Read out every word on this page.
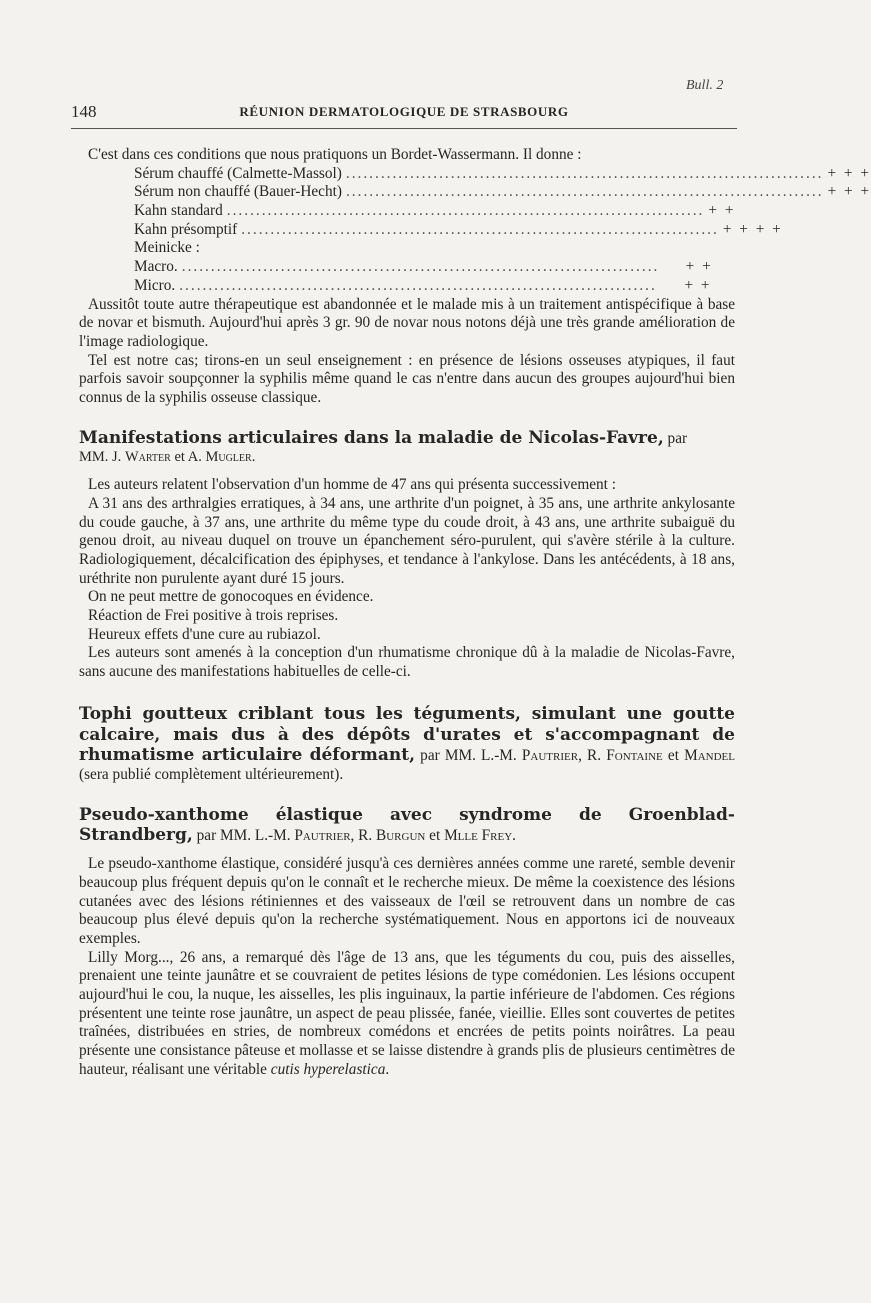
Bull. 2
148	RÉUNION DERMATOLOGIQUE DE STRASBOURG

C'est dans ces conditions que nous pratiquons un Bordet-Wassermann. Il donne :

Sérum chauffé (Calmette-Massol) .................................................................................. + + +
Sérum non chauffé (Bauer-Hecht) .................................................................................. + + +
Kahn standard .................................................................................. + +
Kahn présomptif .................................................................................. + + + +
Meinicke :
Macro. ..................................................................................	+ +
Micro. ..................................................................................	+ +

Aussitôt toute autre thérapeutique est abandonnée et le malade mis à un traitement antispécifique à base de novar et bismuth. Aujourd'hui après 3 gr. 90 de novar nous notons déjà une très grande amélioration de l'image radiologique.

Tel est notre cas; tirons-en un seul enseignement : en présence de lésions osseuses atypiques, il faut parfois savoir soupçonner la syphilis même quand le cas n'entre dans aucun des groupes aujourd'hui bien connus de la syphilis osseuse classique.

Manifestations articulaires dans la maladie de Nicolas-Favre, par
MM. J. Warter et A. Mugler.

Les auteurs relatent l'observation d'un homme de 47 ans qui présenta successivement :

A 31 ans des arthralgies erratiques, à 34 ans, une arthrite d'un poignet, à 35 ans, une arthrite ankylosante du coude gauche, à 37 ans, une arthrite du même type du coude droit, à 43 ans, une arthrite subaiguë du genou droit, au niveau duquel on trouve un épanchement séro-purulent, qui s'avère stérile à la culture. Radiologiquement, décalcification des épiphyses, et tendance à l'ankylose. Dans les antécédents, à 18 ans, uréthrite non purulente ayant duré 15 jours.

On ne peut mettre de gonocoques en évidence.

Réaction de Frei positive à trois reprises.

Heureux effets d'une cure au rubiazol.

Les auteurs sont amenés à la conception d'un rhumatisme chronique dû à la maladie de Nicolas-Favre, sans aucune des manifestations habituelles de celle-ci.

Tophi goutteux criblant tous les téguments, simulant une goutte calcaire, mais dus à des dépôts d'urates et s'accompagnant de rhumatisme articulaire déformant, par MM. L.-M. Pautrier, R. Fontaine et Mandel (sera publié complètement ultérieurement).

Pseudo-xanthome élastique avec syndrome de Groenblad-Strandberg, par MM. L.-M. Pautrier, R. Burgun et Mlle Frey.

Le pseudo-xanthome élastique, considéré jusqu'à ces dernières années comme une rareté, semble devenir beaucoup plus fréquent depuis qu'on le connaît et le recherche mieux. De même la coexistence des lésions cutanées avec des lésions rétiniennes et des vaisseaux de l'œil se retrouvent dans un nombre de cas beaucoup plus élevé depuis qu'on la recherche systématiquement. Nous en apportons ici de nouveaux exemples.

Lilly Morg..., 26 ans, a remarqué dès l'âge de 13 ans, que les téguments du cou, puis des aisselles, prenaient une teinte jaunâtre et se couvraient de petites lésions de type comédonien. Les lésions occupent aujourd'hui le cou, la nuque, les aisselles, les plis inguinaux, la partie inférieure de l'abdomen. Ces régions présentent une teinte rose jaunâtre, un aspect de peau plissée, fanée, vieillie. Elles sont couvertes de petites traînées, distribuées en stries, de nombreux comédons et encrées de petits points noirâtres. La peau présente une consistance pâteuse et mollasse et se laisse distendre à grands plis de plusieurs centimètres de hauteur, réalisant une véritable cutis hyperelastica.
